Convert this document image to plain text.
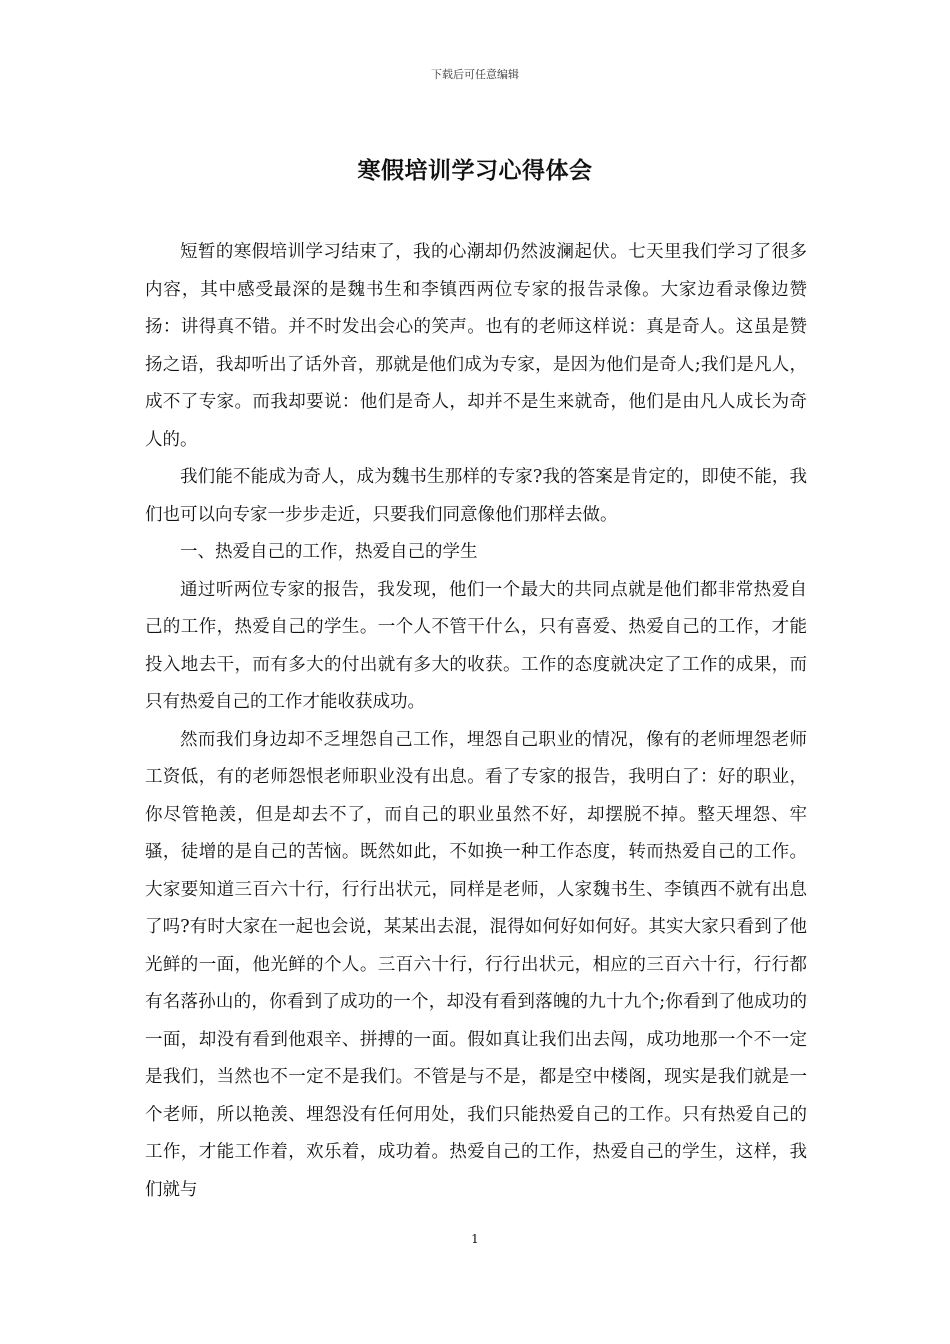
下载后可任意编辑
寒假培训学习心得体会

短暂的寒假培训学习结束了，我的心潮却仍然波澜起伏。七天里我们学习了很多内容，其中感受最深的是魏书生和李镇西两位专家的报告录像。大家边看录像边赞扬：讲得真不错。并不时发出会心的笑声。也有的老师这样说：真是奇人。这虽是赞扬之语，我却听出了话外音，那就是他们成为专家，是因为他们是奇人;我们是凡人，成不了专家。而我却要说：他们是奇人，却并不是生来就奇，他们是由凡人成长为奇人的。

我们能不能成为奇人，成为魏书生那样的专家?我的答案是肯定的，即使不能，我们也可以向专家一步步走近，只要我们同意像他们那样去做。

一、热爱自己的工作，热爱自己的学生

通过听两位专家的报告，我发现，他们一个最大的共同点就是他们都非常热爱自己的工作，热爱自己的学生。一个人不管干什么，只有喜爱、热爱自己的工作，才能投入地去干，而有多大的付出就有多大的收获。工作的态度就决定了工作的成果，而只有热爱自己的工作才能收获成功。

然而我们身边却不乏埋怨自己工作，埋怨自己职业的情况，像有的老师埋怨老师工资低，有的老师怨恨老师职业没有出息。看了专家的报告，我明白了：好的职业，你尽管艳羡，但是却去不了，而自己的职业虽然不好，却摆脱不掉。整天埋怨、牢骚，徒增的是自己的苦恼。既然如此，不如换一种工作态度，转而热爱自己的工作。大家要知道三百六十行，行行出状元，同样是老师，人家魏书生、李镇西不就有出息了吗?有时大家在一起也会说，某某出去混，混得如何好如何好。其实大家只看到了他光鲜的一面，他光鲜的个人。三百六十行，行行出状元，相应的三百六十行，行行都有名落孙山的，你看到了成功的一个，却没有看到落魄的九十九个;你看到了他成功的一面，却没有看到他艰辛、拼搏的一面。假如真让我们出去闯，成功地那一个不一定是我们，当然也不一定不是我们。不管是与不是，都是空中楼阁，现实是我们就是一个老师，所以艳羡、埋怨没有任何用处，我们只能热爱自己的工作。只有热爱自己的工作，才能工作着，欢乐着，成功着。热爱自己的工作，热爱自己的学生，这样，我们就与

1
